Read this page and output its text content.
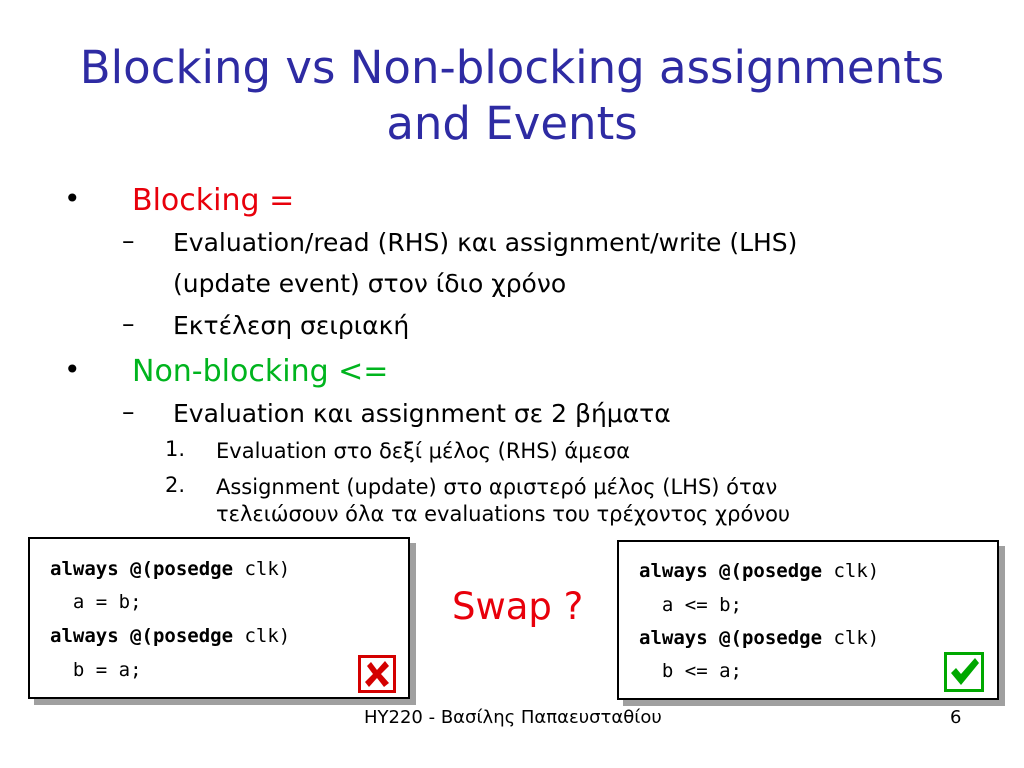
Blocking vs Non-blocking assignments
and Events
• Blocking =
– Evaluation/read (RHS) και assignment/write (LHS)
(update event) στον ίδιο χρόνο
– Εκτέλεση σειριακή
• Non-blocking <=
– Evaluation και assignment σε 2 βήματα
1. Evaluation στο δεξί μέλος (RHS) άμεσα
2. Assignment (update) στο αριστερό μέλος (LHS) όταν
τελειώσουν όλα τα evaluations του τρέχοντος χρόνου
always @(posedge clk)
a = b;
always @(posedge clk)
b = a;
Swap ?
always @(posedge clk)
a <= b;
always @(posedge clk)
b <= a;
ΗΥ220 - Βασίλης Παπαευσταθίου	6
